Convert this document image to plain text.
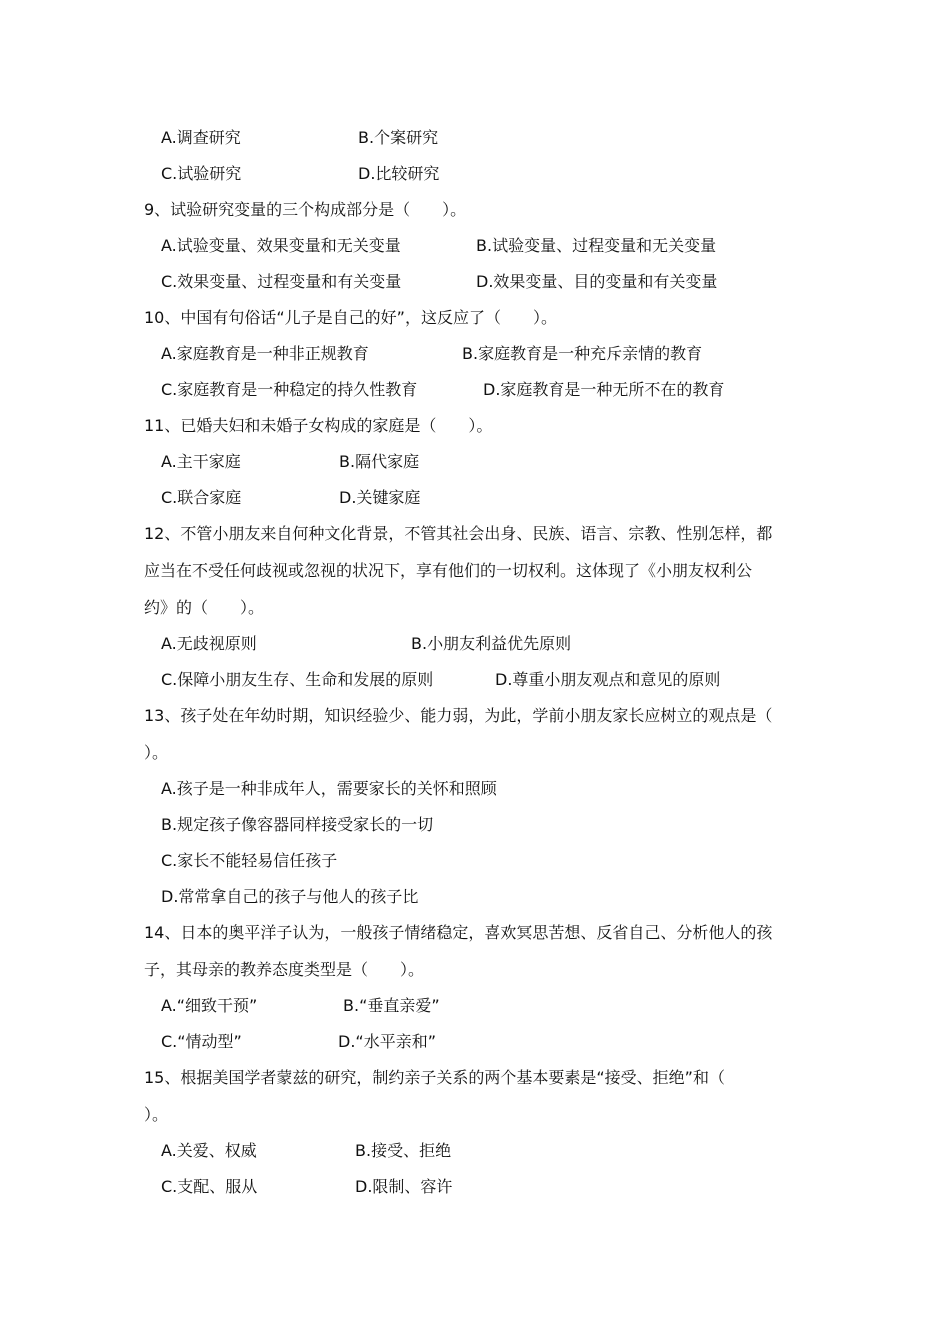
A.调查研究	B.个案研究
C.试验研究	D.比较研究
9、试验研究变量的三个构成部分是（　　）。
A.试验变量、效果变量和无关变量	B.试验变量、过程变量和无关变量
C.效果变量、过程变量和有关变量	D.效果变量、目的变量和有关变量
10、中国有句俗话“儿子是自己的好”，这反应了（　　）。
A.家庭教育是一种非正规教育	B.家庭教育是一种充斥亲情的教育
C.家庭教育是一种稳定的持久性教育	D.家庭教育是一种无所不在的教育
11、已婚夫妇和未婚子女构成的家庭是（　　）。
A.主干家庭	B.隔代家庭
C.联合家庭	D.关键家庭
12、不管小朋友来自何种文化背景，不管其社会出身、民族、语言、宗教、性别怎样，都
应当在不受任何歧视或忽视的状况下，享有他们的一切权利。这体现了《小朋友权利公
约》的（　　）。
A.无歧视原则	B.小朋友利益优先原则
C.保障小朋友生存、生命和发展的原则	D.尊重小朋友观点和意见的原则
13、孩子处在年幼时期，知识经验少、能力弱，为此，学前小朋友家长应树立的观点是（
）。
A.孩子是一种非成年人，需要家长的关怀和照顾
B.规定孩子像容器同样接受家长的一切
C.家长不能轻易信任孩子
D.常常拿自己的孩子与他人的孩子比
14、日本的奥平洋子认为，一般孩子情绪稳定，喜欢冥思苦想、反省自己、分析他人的孩
子，其母亲的教养态度类型是（　　）。
A.“细致干预”	B.“垂直亲爱”
C.“情动型”	D.“水平亲和”
15、根据美国学者蒙兹的研究，制约亲子关系的两个基本要素是“接受、拒绝”和（
）。
A.关爱、权威	B.接受、拒绝
C.支配、服从	D.限制、容许
